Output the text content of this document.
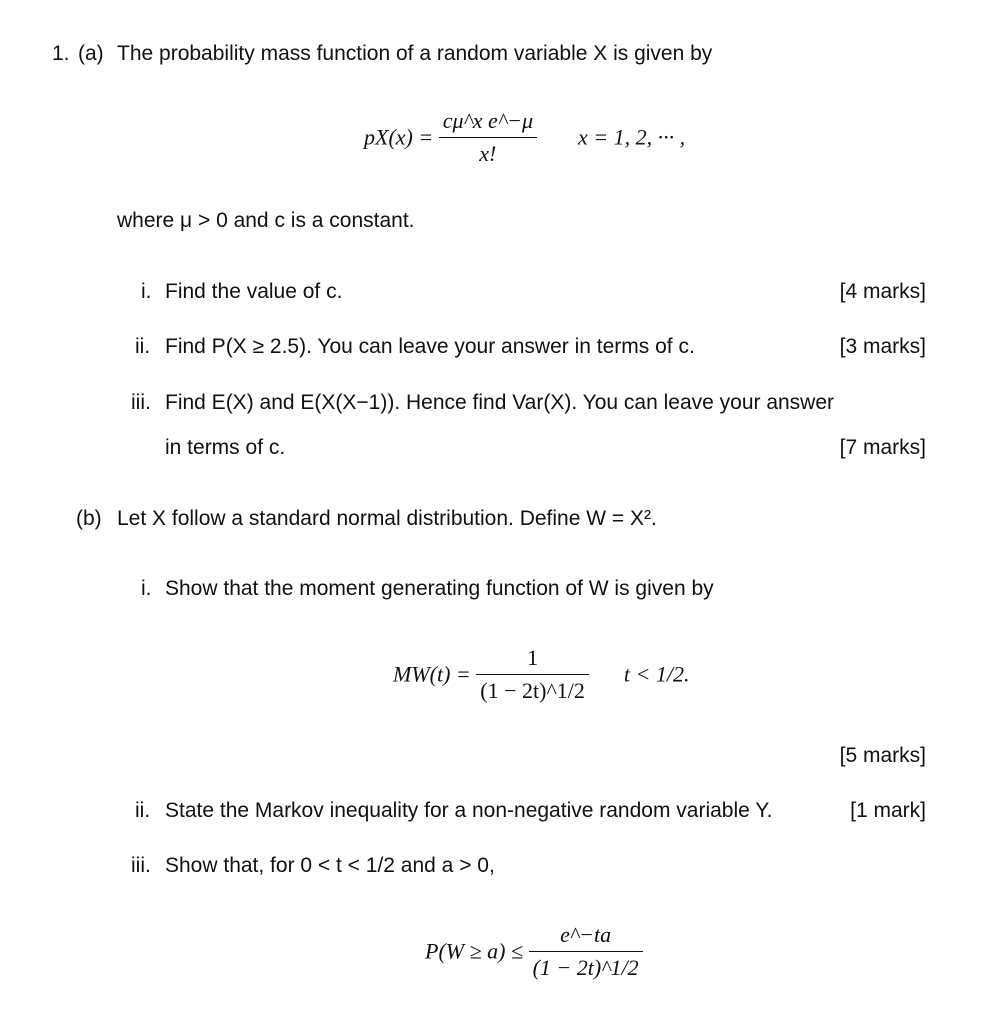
1. (a) The probability mass function of a random variable X is given by
$pX(x) = \frac{\text{cμ\textasciicircum{}x e\textasciicircum{}−μ}}{x!}$ x = 1, 2, ··· ,
where μ > 0 and c is a constant.
i. Find the value of c.	[4 marks]
ii. Find P(X ≥ 2.5). You can leave your answer in terms of c.	[3 marks]
iii. Find E(X) and E(X(X−1)). Hence find Var(X). You can leave your answer
in terms of c.	[7 marks]
(b) Let X follow a standard normal distribution. Define W = X².
i. Show that the moment generating function of W is given by
$MW(t) = \frac{1}{(1 - 2t)\^{}1/2}$ t < 1/2.
[5 marks]
ii. State the Markov inequality for a non-negative random variable Y.	[1 mark]
iii. Show that, for 0 < t < 1/2 and a > 0,
$P(W \ge a) \le \frac{e\^{}-ta}{(1 - 2t)\^{}1/2}$
